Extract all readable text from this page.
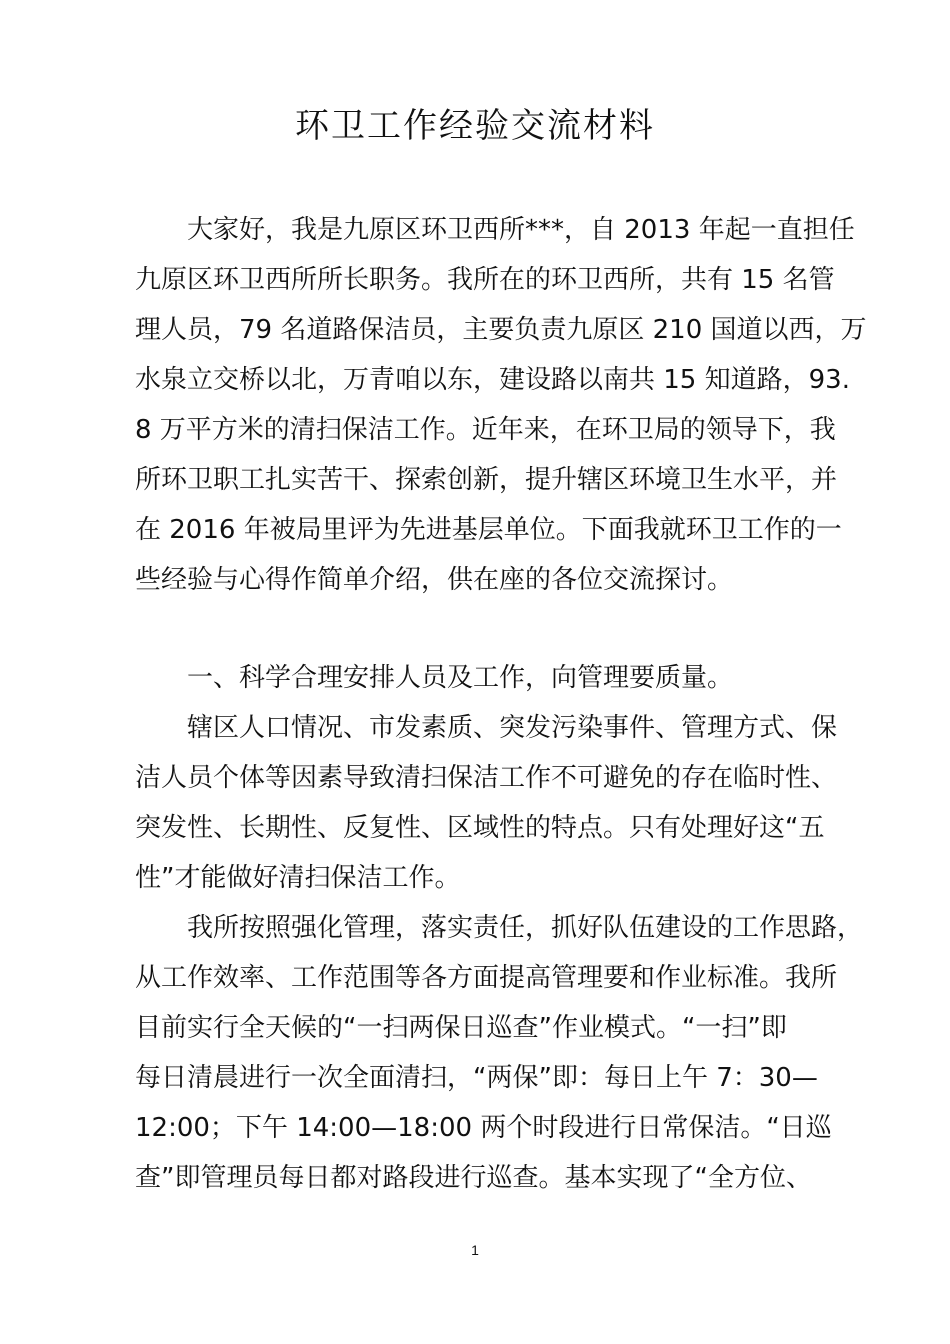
环卫工作经验交流材料
大家好，我是九原区环卫西所***，自 2013 年起一直担任
九原区环卫西所所长职务。我所在的环卫西所，共有 15 名管
理人员，79 名道路保洁员，主要负责九原区 210 国道以西，万
水泉立交桥以北，万青咱以东，建设路以南共 15 知道路，93.
8 万平方米的清扫保洁工作。近年来，在环卫局的领导下，我
所环卫职工扎实苦干、探索创新，提升辖区环境卫生水平，并
在 2016 年被局里评为先进基层单位。下面我就环卫工作的一
些经验与心得作简单介绍，供在座的各位交流探讨。
一、科学合理安排人员及工作，向管理要质量。
辖区人口情况、市发素质、突发污染事件、管理方式、保
洁人员个体等因素导致清扫保洁工作不可避免的存在临时性、
突发性、长期性、反复性、区域性的特点。只有处理好这“五
性”才能做好清扫保洁工作。
我所按照强化管理，落实责任，抓好队伍建设的工作思路，
从工作效率、工作范围等各方面提高管理要和作业标准。我所
目前实行全天候的“一扫两保日巡查”作业模式。“一扫”即
每日清晨进行一次全面清扫，“两保”即：每日上午 7：30—
12:00；下午 14:00—18:00 两个时段进行日常保洁。“日巡
查”即管理员每日都对路段进行巡查。基本实现了“全方位、
1
